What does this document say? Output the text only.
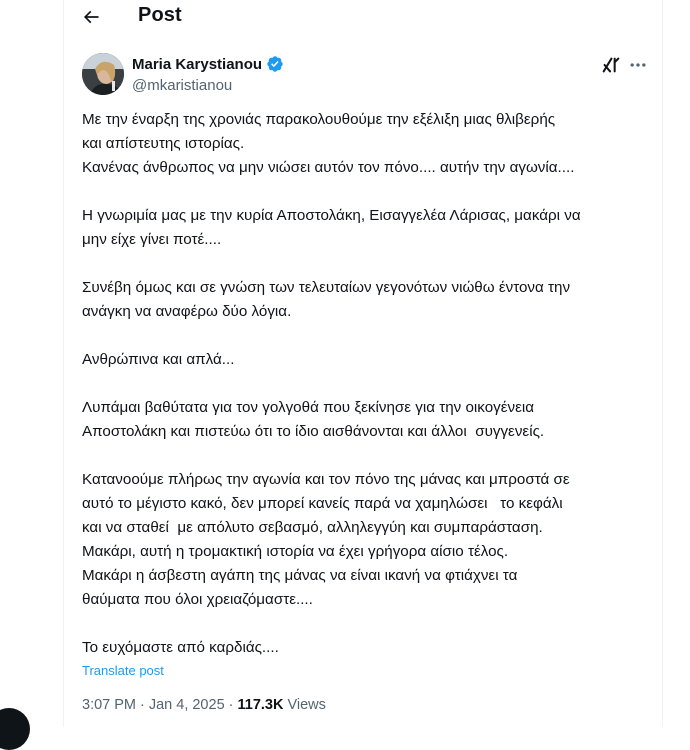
Post
Maria Karystianou
@mkaristianou

Με την έναρξη της χρονιάς παρακολουθούμε την εξέλιξη μιας θλιβερής
και απίστευτης ιστορίας.
Κανένας άνθρωπος να μην νιώσει αυτόν τον πόνο.... αυτήν την αγωνία....

Η γνωριμία μας με την κυρία Αποστολάκη, Εισαγγελέα Λάρισας, μακάρι να
μην είχε γίνει ποτέ....

Συνέβη όμως και σε γνώση των τελευταίων γεγονότων νιώθω έντονα την
ανάγκη να αναφέρω δύο λόγια.

Ανθρώπινα και απλά...

Λυπάμαι βαθύτατα για τον γολγοθά που ξεκίνησε για την οικογένεια
Αποστολάκη και πιστεύω ότι το ίδιο αισθάνονται και άλλοι  συγγενείς.

Κατανοούμε πλήρως την αγωνία και τον πόνο της μάνας και μπροστά σε
αυτό το μέγιστο κακό, δεν μπορεί κανείς παρά να χαμηλώσει   το κεφάλι
και να σταθεί  με απόλυτο σεβασμό, αλληλεγγύη και συμπαράσταση.
Μακάρι, αυτή η τρομακτική ιστορία να έχει γρήγορα αίσιο τέλος.
Μακάρι η άσβεστη αγάπη της μάνας να είναι ικανή να φτιάχνει τα
θαύματα που όλοι χρειαζόμαστε....

Το ευχόμαστε από καρδιάς....

Translate post
3:07 PM · Jan 4, 2025 · 117.3K Views
